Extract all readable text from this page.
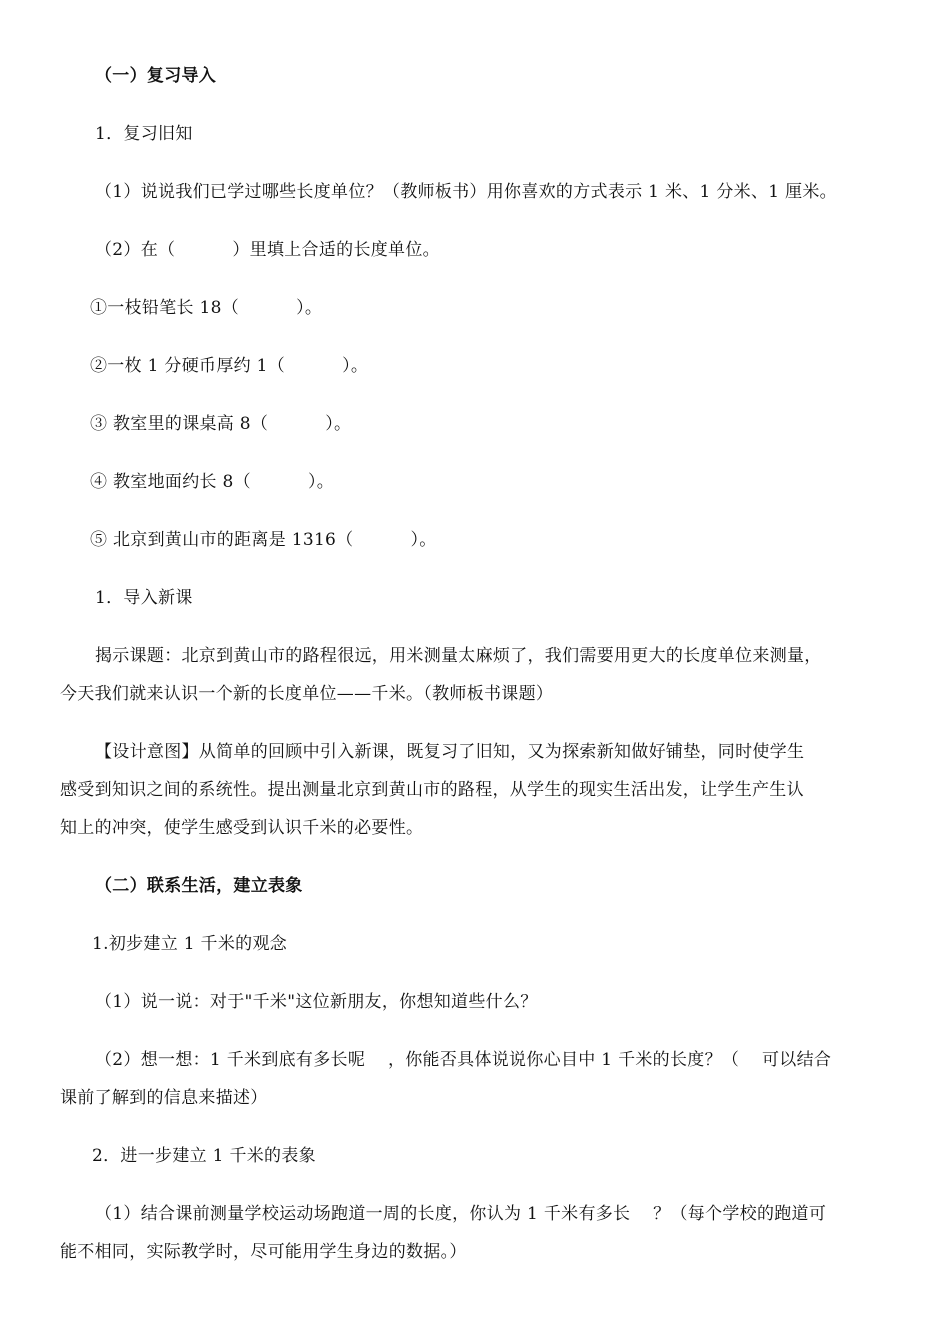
（一）复习导入
1．复习旧知
（1）说说我们已学过哪些长度单位？（教师板书）用你喜欢的方式表示 1 米、1 分米、1 厘米。
（2）在（          ）里填上合适的长度单位。
①一枝铅笔长 18（          ）。
②一枚 1 分硬币厚约 1（          ）。
③ 教室里的课桌高 8（          ）。
④ 教室地面约长 8（          ）。
⑤ 北京到黄山市的距离是 1316（          ）。
1．导入新课
揭示课题：北京到黄山市的路程很远，用米测量太麻烦了，我们需要用更大的长度单位来测量，
今天我们就来认识一个新的长度单位——千米。（教师板书课题）
【设计意图】从简单的回顾中引入新课，既复习了旧知，又为探索新知做好铺垫，同时使学生
感受到知识之间的系统性。提出测量北京到黄山市的路程，从学生的现实生活出发，让学生产生认
知上的冲突，使学生感受到认识千米的必要性。
（二）联系生活，建立表象
1.初步建立 1 千米的观念
（1）说一说：对于"千米"这位新朋友，你想知道些什么？
（2）想一想：1 千米到底有多长呢    ，你能否具体说说你心目中 1 千米的长度？（    可以结合
课前了解到的信息来描述）
2．进一步建立 1 千米的表象
（1）结合课前测量学校运动场跑道一周的长度，你认为 1 千米有多长    ？（每个学校的跑道可
能不相同，实际教学时，尽可能用学生身边的数据。）
